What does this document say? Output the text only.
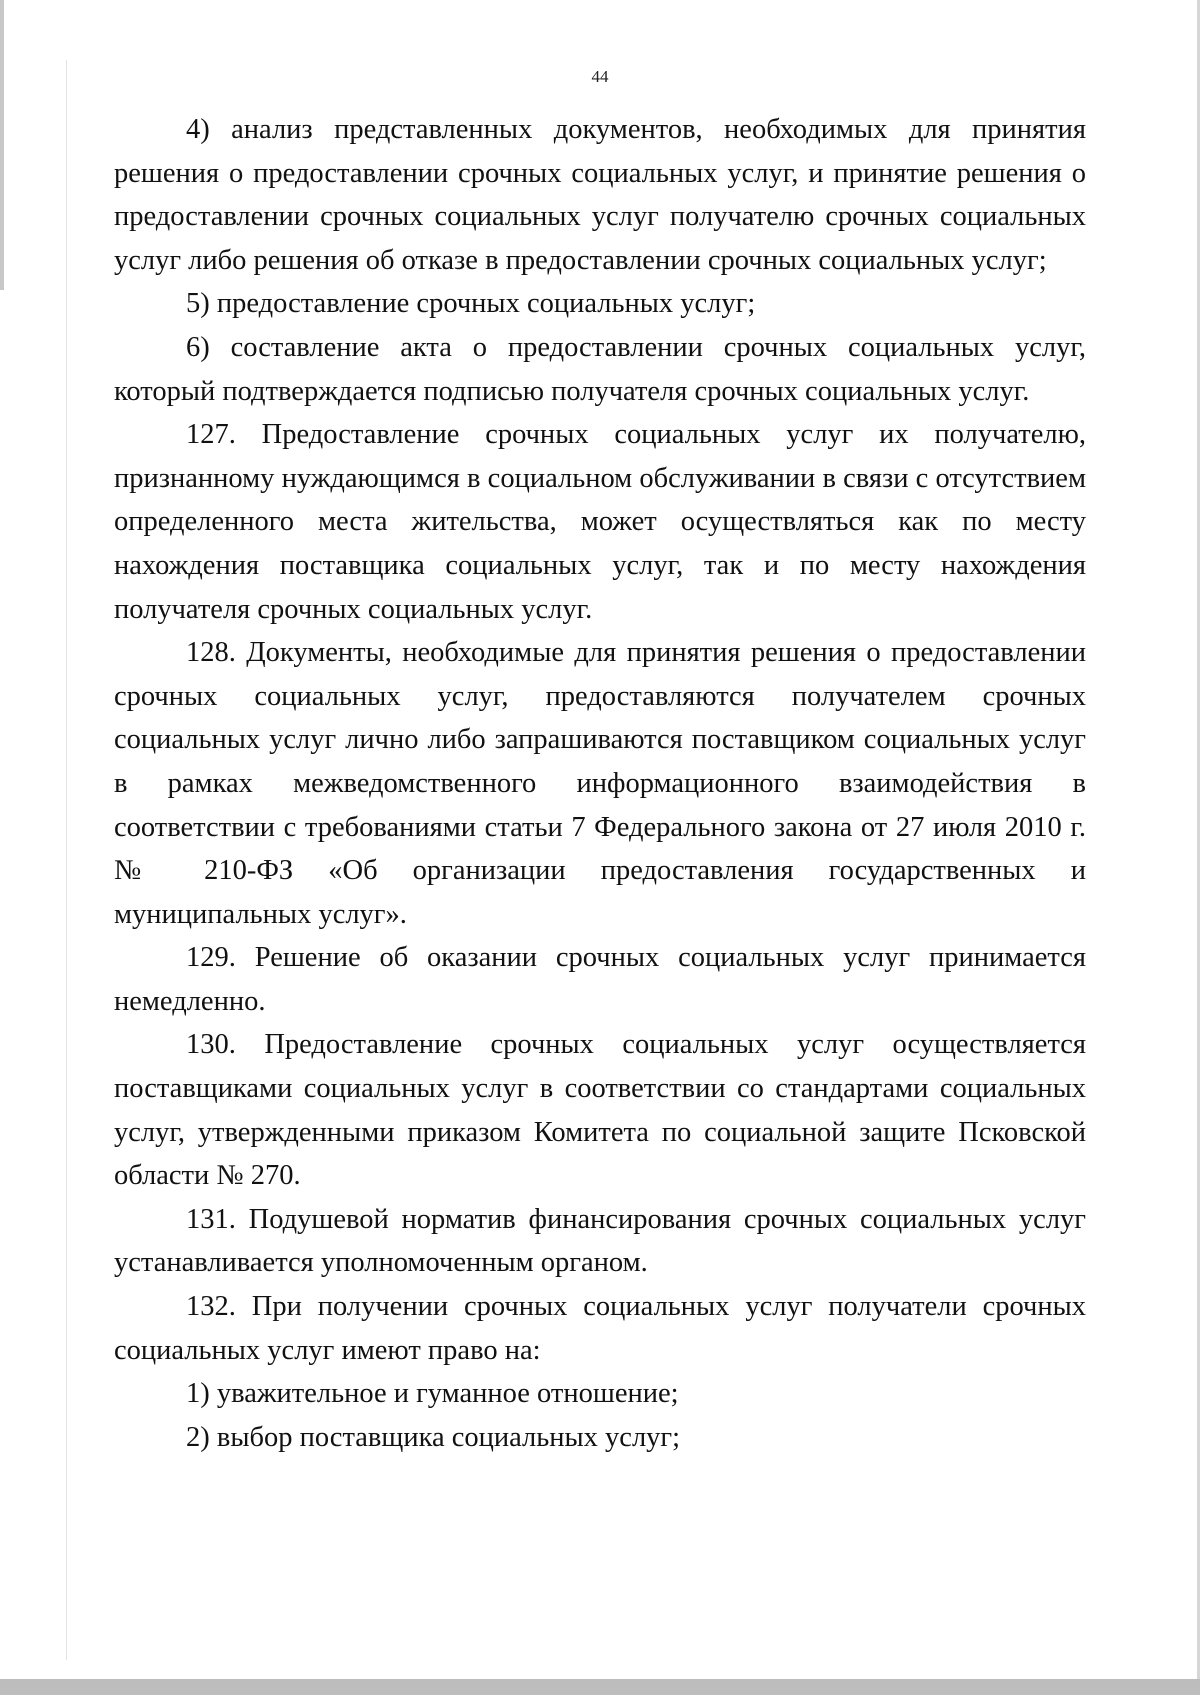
44

4) анализ представленных документов, необходимых для принятия решения о предоставлении срочных социальных услуг, и принятие решения о предоставлении срочных социальных услуг получателю срочных социальных услуг либо решения об отказе в предоставлении срочных социальных услуг;

5) предоставление срочных социальных услуг;

6) составление акта о предоставлении срочных социальных услуг, который подтверждается подписью получателя срочных социальных услуг.

127. Предоставление срочных социальных услуг их получателю, признанному нуждающимся в социальном обслуживании в связи с отсутствием определенного места жительства, может осуществляться как по месту нахождения поставщика социальных услуг, так и по месту нахождения получателя срочных социальных услуг.

128. Документы, необходимые для принятия решения о предоставлении срочных социальных услуг, предоставляются получателем срочных социальных услуг лично либо запрашиваются поставщиком социальных услуг в рамках межведомственного информационного взаимодействия в соответствии с требованиями статьи 7 Федерального закона от 27 июля 2010 г. № 210-ФЗ «Об организации предоставления государственных и муниципальных услуг».

129. Решение об оказании срочных социальных услуг принимается немедленно.

130. Предоставление срочных социальных услуг осуществляется поставщиками социальных услуг в соответствии со стандартами социальных услуг, утвержденными приказом Комитета по социальной защите Псковской области № 270.

131. Подушевой норматив финансирования срочных социальных услуг устанавливается уполномоченным органом.

132. При получении срочных социальных услуг получатели срочных социальных услуг имеют право на:

1) уважительное и гуманное отношение;

2) выбор поставщика социальных услуг;
